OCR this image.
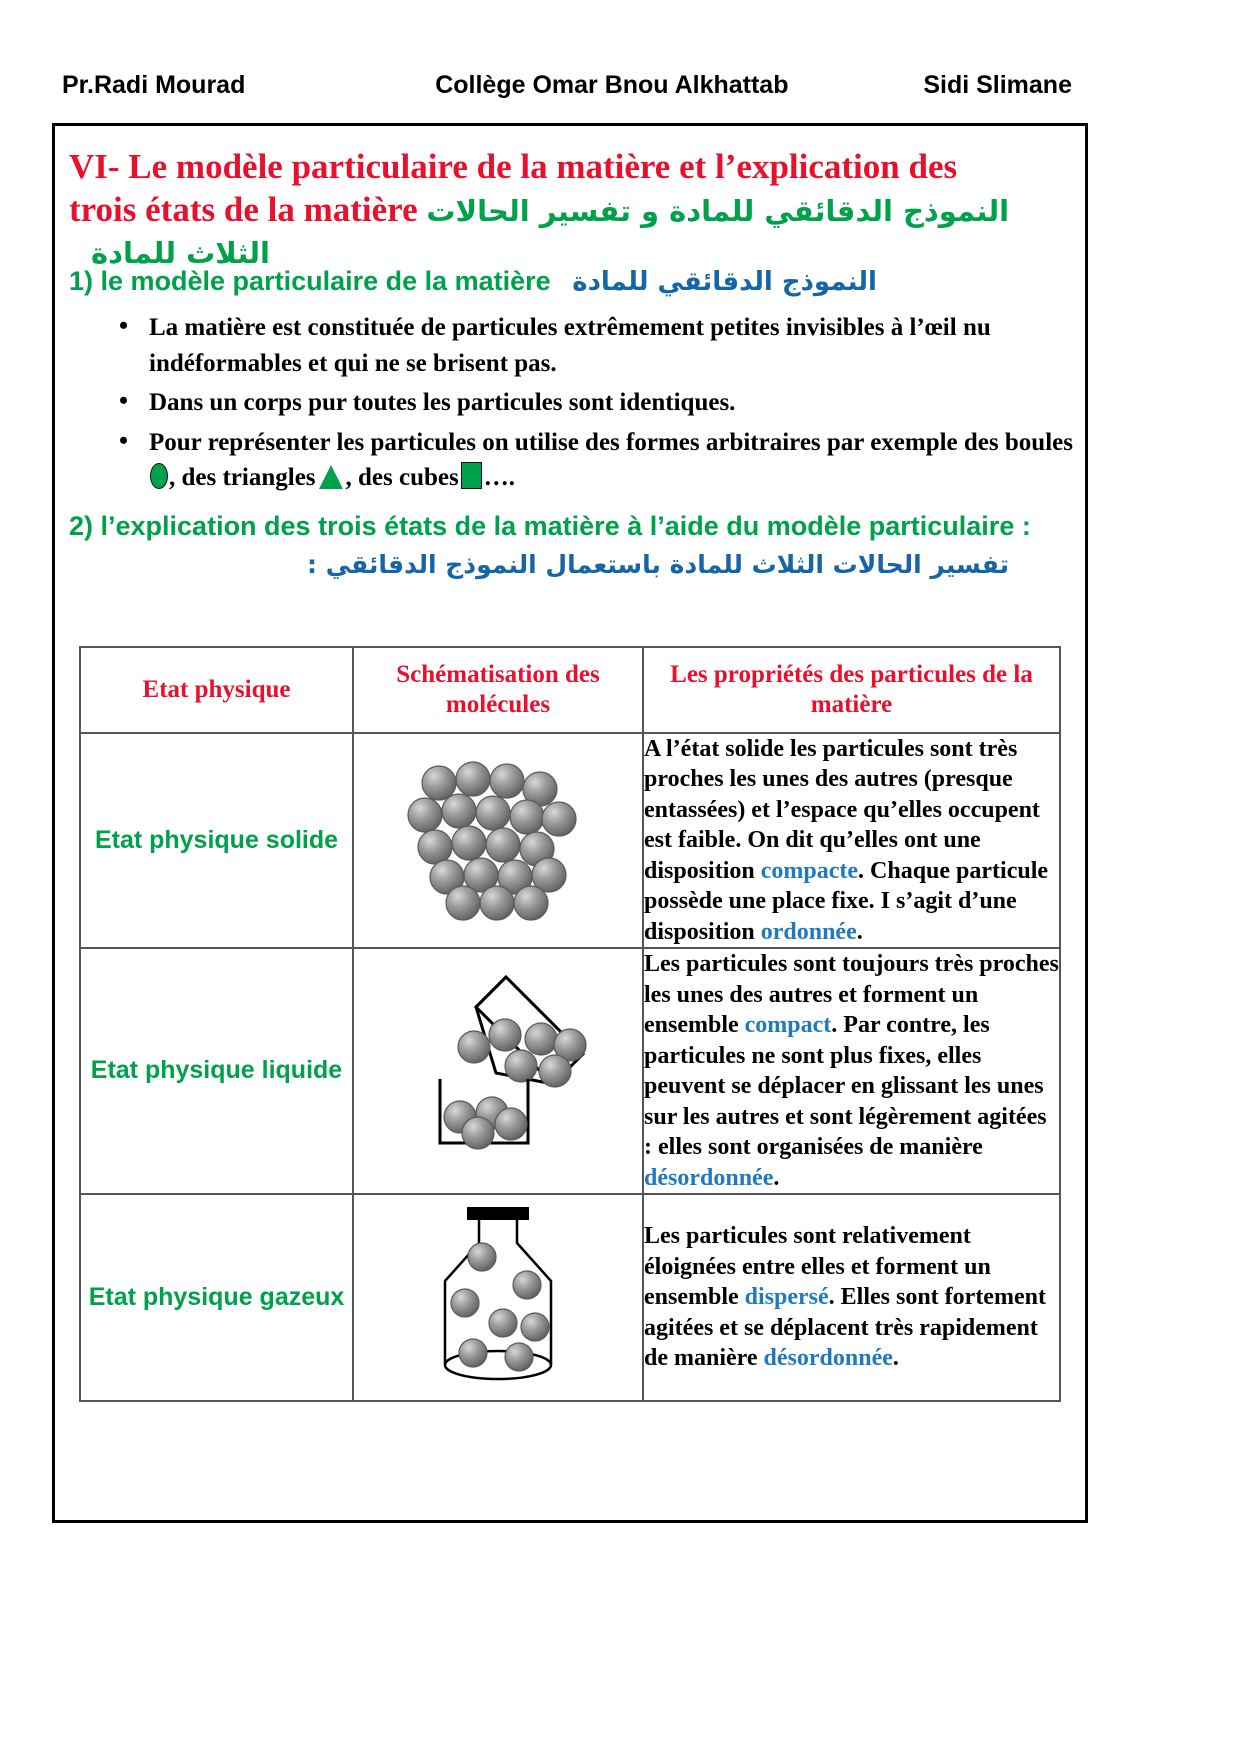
Pr.Radi Mourad	Collège Omar Bnou Alkhattab	Sidi Slimane
VI- Le modèle particulaire de la matière et l’explication des
trois états de la matière النموذج الدقائقي للمادة و تفسير الحالات الثلاث للمادة
1) le modèle particulaire de la matière النموذج الدقائقي للمادة
• La matière est constituée de particules extrêmement petites invisibles à l’œil nu indéformables et qui ne se brisent pas.
• Dans un corps pur toutes les particules sont identiques.
• Pour représenter les particules on utilise des formes arbitraires par exemple des boules, des triangles , des cubes ….
2) l’explication des trois états de la matière à l’aide du modèle particulaire :
تفسير الحالات الثلاث للمادة باستعمال النموذج الدقائقي :
Etat physique	Schématisation des molécules	Les propriétés des particules de la matière
Etat physique solide		A l’état solide les particules sont très proches les unes des autres (presque entassées) et l’espace qu’elles occupent est faible. On dit qu’elles ont une disposition compacte. Chaque particule possède une place fixe. I s’agit d’une disposition ordonnée.
Etat physique liquide		Les particules sont toujours très proches les unes des autres et forment un ensemble compact. Par contre, les particules ne sont plus fixes, elles peuvent se déplacer en glissant les unes sur les autres et sont légèrement agitées : elles sont organisées de manière désordonnée.
Etat physique gazeux		Les particules sont relativement éloignées entre elles et forment un ensemble dispersé. Elles sont fortement agitées et se déplacent très rapidement de manière désordonnée.
